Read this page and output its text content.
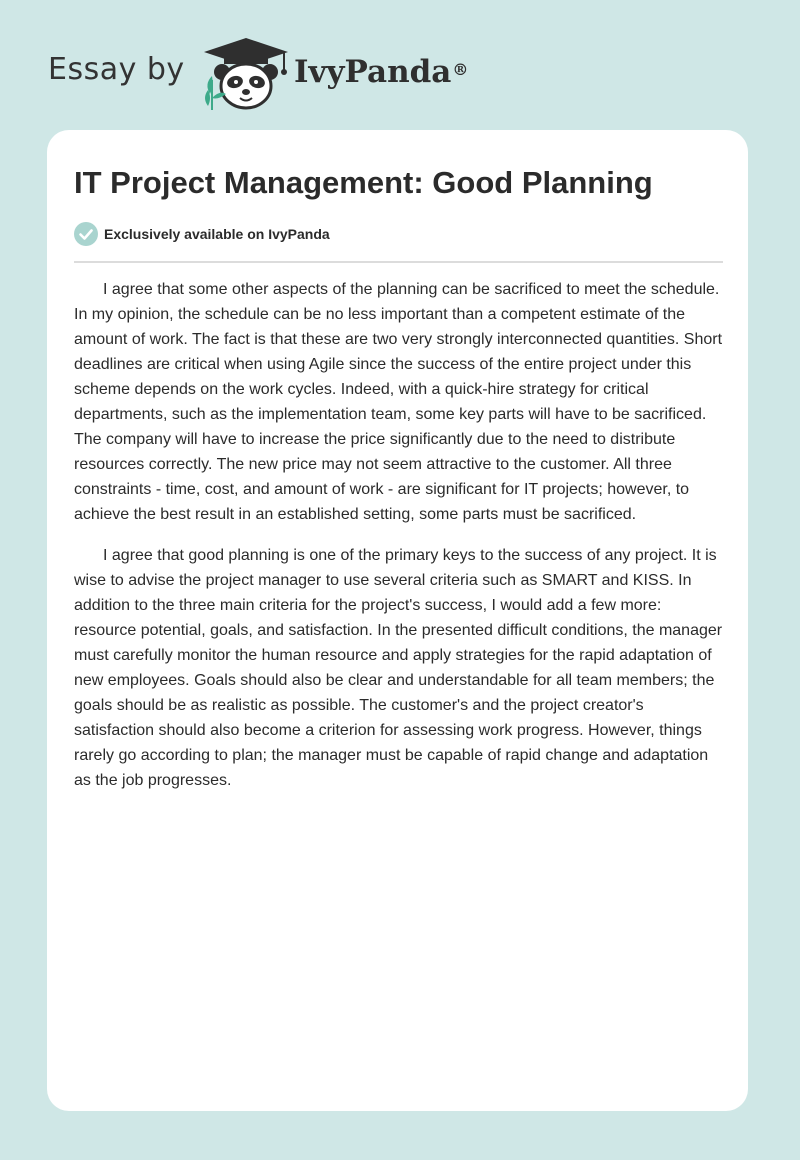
Essay by	IvyPanda®
IT Project Management: Good Planning
Exclusively available on IvyPanda

I agree that some other aspects of the planning can be sacrificed to meet the schedule. In my opinion, the schedule can be no less important than a competent estimate of the amount of work. The fact is that these are two very strongly interconnected quantities. Short deadlines are critical when using Agile since the success of the entire project under this scheme depends on the work cycles. Indeed, with a quick-hire strategy for critical departments, such as the implementation team, some key parts will have to be sacrificed. The company will have to increase the price significantly due to the need to distribute resources correctly. The new price may not seem attractive to the customer. All three constraints - time, cost, and amount of work - are significant for IT projects; however, to achieve the best result in an established setting, some parts must be sacrificed.

I agree that good planning is one of the primary keys to the success of any project. It is wise to advise the project manager to use several criteria such as SMART and KISS. In addition to the three main criteria for the project's success, I would add a few more: resource potential, goals, and satisfaction. In the presented difficult conditions, the manager must carefully monitor the human resource and apply strategies for the rapid adaptation of new employees. Goals should also be clear and understandable for all team members; the goals should be as realistic as possible. The customer's and the project creator's satisfaction should also become a criterion for assessing work progress. However, things rarely go according to plan; the manager must be capable of rapid change and adaptation as the job progresses.
